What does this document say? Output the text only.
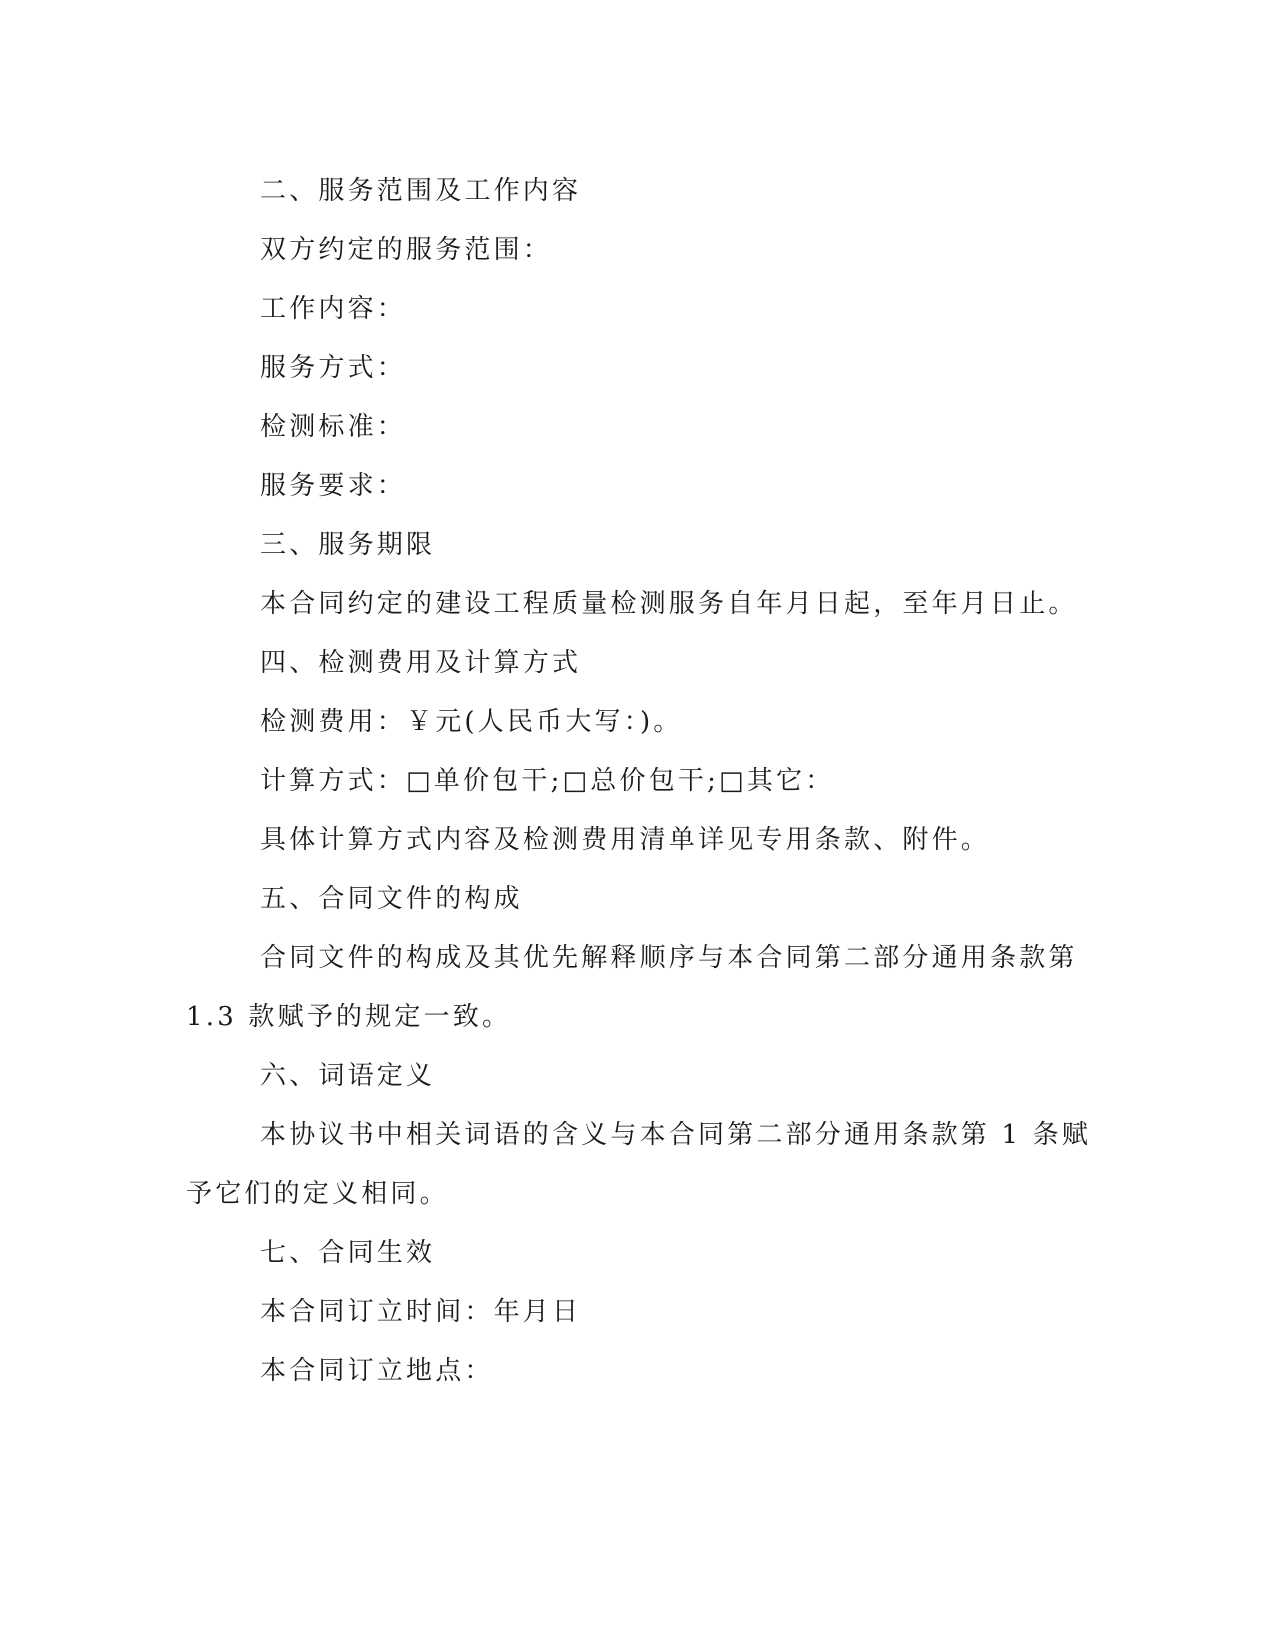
二、服务范围及工作内容

双方约定的服务范围：

工作内容：

服务方式：

检测标准：

服务要求：

三、服务期限

本合同约定的建设工程质量检测服务自年月日起，至年月日止。

四、检测费用及计算方式

检测费用：￥元(人民币大写：)。

计算方式：□单价包干;□总价包干;□其它：

具体计算方式内容及检测费用清单详见专用条款、附件。

五、合同文件的构成

合同文件的构成及其优先解释顺序与本合同第二部分通用条款第

1.3 款赋予的规定一致。

六、词语定义

本协议书中相关词语的含义与本合同第二部分通用条款第 1 条赋

予它们的定义相同。

七、合同生效

本合同订立时间：年月日

本合同订立地点：
